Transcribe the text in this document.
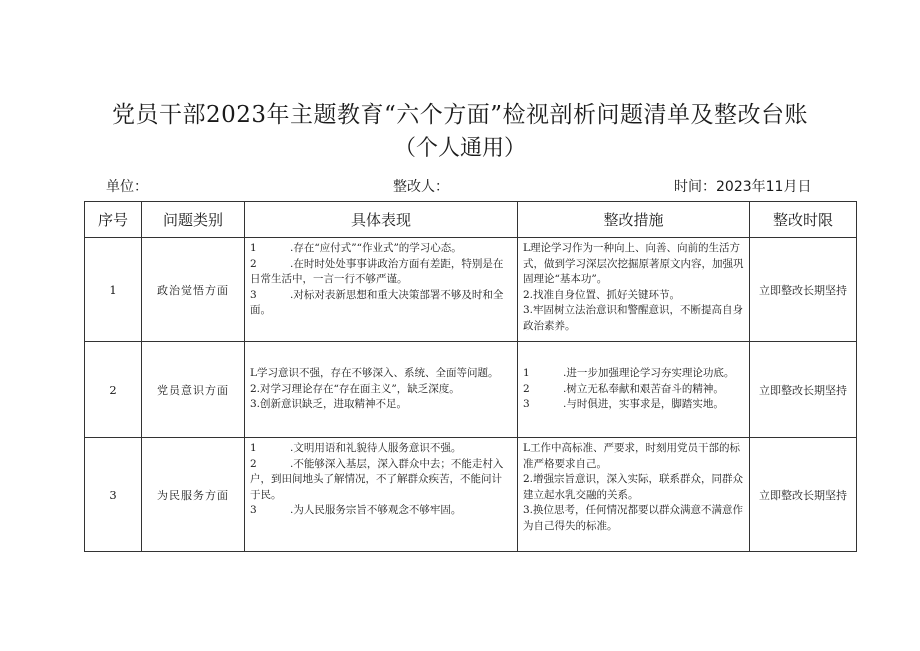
党员干部2023年主题教育“六个方面”检视剖析问题清单及整改台账
（个人通用）
单位：	整改人：	时间：2023年11月日
序号	问题类别	具体表现	整改措施	整改时限
1	政治觉悟方面	1 .存在“应付式”“作业式”的学习心态。
2 .在时时处处事事讲政治方面有差距，特别是在日常生活中，一言一行不够严谨。
3 .对标对表新思想和重大决策部署不够及时和全面。	L理论学习作为一种向上、向善、向前的生活方式，做到学习深层次挖掘原著原文内容，加强巩固理论“基本功”。
2.找准自身位置、抓好关键环节。
3.牢固树立法治意识和警醒意识，不断提高自身政治素养。	立即整改长期坚持
2	党员意识方面	L学习意识不强，存在不够深入、系统、全面等问题。
2.对学习理论存在“存在面主义”，缺乏深度。
3.创新意识缺乏，进取精神不足。	1 .进一步加强理论学习夯实理论功底。
2 .树立无私奉献和艰苦奋斗的精神。
3 .与时俱进，实事求是，脚踏实地。	立即整改长期坚持
3	为民服务方面	1 .文明用语和礼貌待人服务意识不强。
2 .不能够深入基层，深入群众中去；不能走村入户，到田间地头了解情况，不了解群众疾苦，不能问计于民。
3 .为人民服务宗旨不够观念不够牢固。	L工作中高标准、严要求，时刻用党员干部的标准严格要求自己。
2.增强宗旨意识，深入实际，联系群众，同群众建立起水乳交融的关系。
3.换位思考，任何情况都要以群众满意不满意作为自己得失的标准。	立即整改长期坚持
